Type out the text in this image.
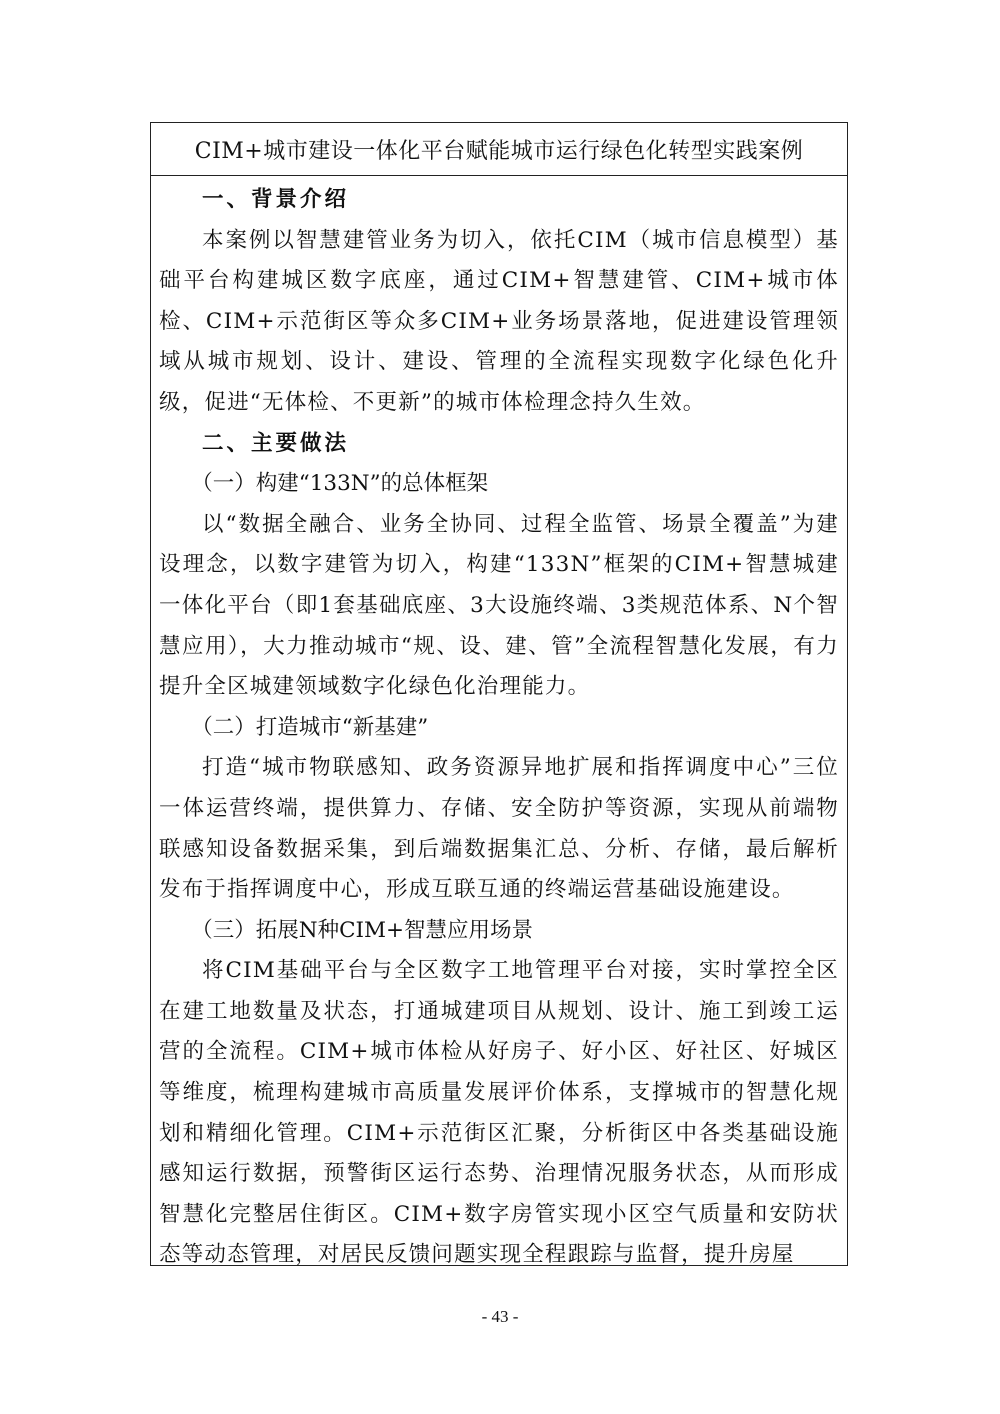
CIM+城市建设一体化平台赋能城市运行绿色化转型实践案例

一、背景介绍

本案例以智慧建管业务为切入，依托CIM（城市信息模型）基础平台构建城区数字底座，通过CIM+智慧建管、CIM+城市体检、CIM+示范街区等众多CIM+业务场景落地，促进建设管理领域从城市规划、设计、建设、管理的全流程实现数字化绿色化升级，促进“无体检、不更新”的城市体检理念持久生效。

二、主要做法

（一）构建“133N”的总体框架

以“数据全融合、业务全协同、过程全监管、场景全覆盖”为建设理念，以数字建管为切入，构建“133N”框架的CIM+智慧城建一体化平台（即1套基础底座、3大设施终端、3类规范体系、N个智慧应用），大力推动城市“规、设、建、管”全流程智慧化发展，有力提升全区城建领域数字化绿色化治理能力。

（二）打造城市“新基建”

打造“城市物联感知、政务资源异地扩展和指挥调度中心”三位一体运营终端，提供算力、存储、安全防护等资源，实现从前端物联感知设备数据采集，到后端数据集汇总、分析、存储，最后解析发布于指挥调度中心，形成互联互通的终端运营基础设施建设。

（三）拓展N种CIM+智慧应用场景

将CIM基础平台与全区数字工地管理平台对接，实时掌控全区在建工地数量及状态，打通城建项目从规划、设计、施工到竣工运营的全流程。CIM+城市体检从好房子、好小区、好社区、好城区等维度，梳理构建城市高质量发展评价体系，支撑城市的智慧化规划和精细化管理。CIM+示范街区汇聚，分析街区中各类基础设施感知运行数据，预警街区运行态势、治理情况服务状态，从而形成智慧化完整居住街区。CIM+数字房管实现小区空气质量和安防状态等动态管理，对居民反馈问题实现全程跟踪与监督，提升房屋

- 43 -
